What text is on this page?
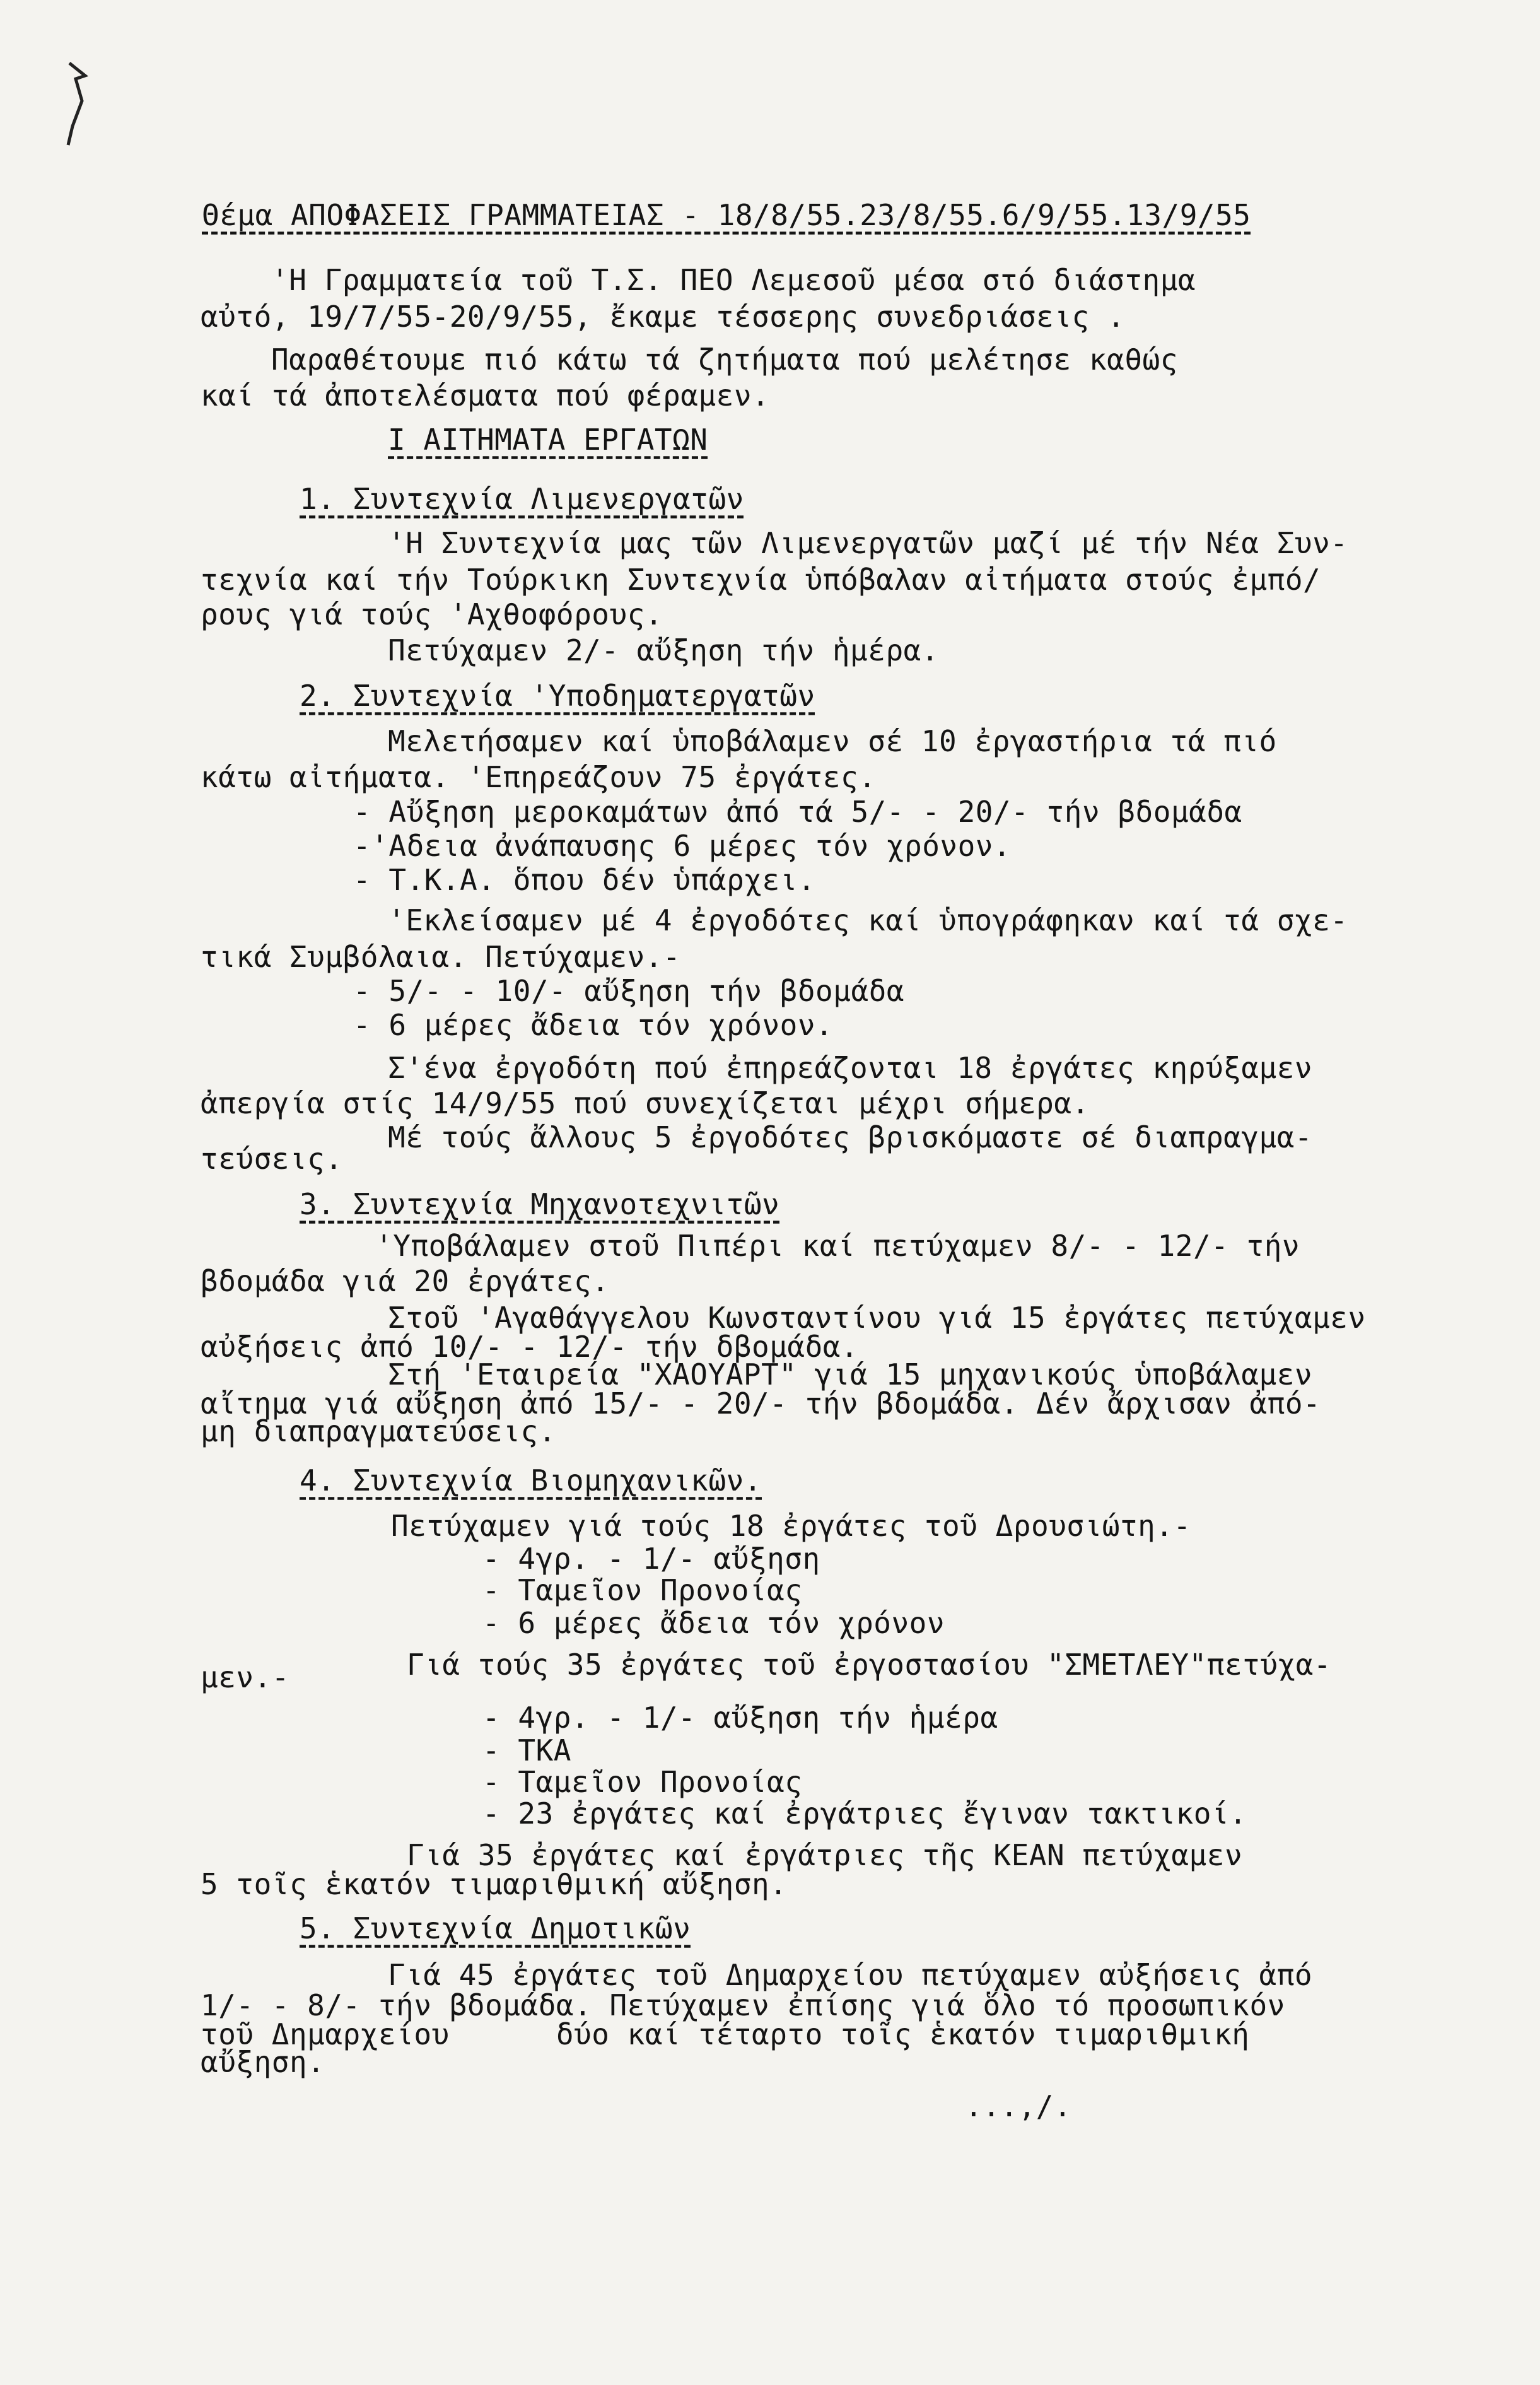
Θέμα ΑΠΟΦΑΣΕΙΣ ΓΡΑΜΜΑΤΕΙΑΣ - 18/8/55.23/8/55.6/9/55.13/9/55
'Η Γραμματεία τοῦ Τ.Σ. ΠΕΟ Λεμεσοῦ μέσα στό διάστημα
αὐτό, 19/7/55-20/9/55, ἔκαμε τέσσερης συνεδριάσεις .
Παραθέτουμε πιό κάτω τά ζητήματα πού μελέτησε καθώς
καί τά ἀποτελέσματα πού φέραμεν.
I ΑΙΤΗΜΑΤΑ ΕΡΓΑΤΩΝ
1. Συντεχνία Λιμενεργατῶν
'Η Συντεχνία μας τῶν Λιμενεργατῶν μαζί μέ τήν Νέα Συν-
τεχνία καί τήν Τούρκικη Συντεχνία ὑπόβαλαν αἰτήματα στούς ἐμπό/
ρους γιά τούς 'Αχθοφόρους.
Πετύχαμεν 2/- αὔξηση τήν ἡμέρα.
2. Συντεχνία 'Υποδηματεργατῶν
Μελετήσαμεν καί ὑποβάλαμεν σέ 10 ἐργαστήρια τά πιό
κάτω αἰτήματα. 'Επηρεάζουν 75 ἐργάτες.
- Αὔξηση μεροκαμάτων ἀπό τά 5/- - 20/- τήν βδομάδα
-'Αδεια ἀνάπαυσης 6 μέρες τόν χρόνον.
- Τ.Κ.Α. ὅπου δέν ὑπάρχει.
'Εκλείσαμεν μέ 4 ἐργοδότες καί ὑπογράφηκαν καί τά σχε-
τικά Συμβόλαια. Πετύχαμεν.-
- 5/- - 10/- αὔξηση τήν βδομάδα
- 6 μέρες ἄδεια τόν χρόνον.
Σ'ένα ἐργοδότη πού ἐπηρεάζονται 18 ἐργάτες κηρύξαμεν
ἀπεργία στίς 14/9/55 πού συνεχίζεται μέχρι σήμερα.
Μέ τούς ἄλλους 5 ἐργοδότες βρισκόμαστε σέ διαπραγμα-
τεύσεις.
3. Συντεχνία Μηχανοτεχνιτῶν
'Υποβάλαμεν στοῦ Πιπέρι καί πετύχαμεν 8/- - 12/- τήν
βδομάδα γιά 20 ἐργάτες.
Στοῦ 'Αγαθάγγελου Κωνσταντίνου γιά 15 ἐργάτες πετύχαμεν
αὐξήσεις ἀπό 10/- - 12/- τήν δβομάδα.
Στή 'Εταιρεία "ΧΑΟΥΑΡΤ" γιά 15 μηχανικούς ὑποβάλαμεν
αἴτημα γιά αὔξηση ἀπό 15/- - 20/- τήν βδομάδα. Δέν ἄρχισαν ἀπό-
μη διαπραγματεύσεις.
4. Συντεχνία Βιομηχανικῶν.
Πετύχαμεν γιά τούς 18 ἐργάτες τοῦ Δρουσιώτη.-
- 4γρ. - 1/- αὔξηση
- Ταμεῖον Προνοίας
- 6 μέρες ἄδεια τόν χρόνον
Γιά τούς 35 ἐργάτες τοῦ ἐργοστασίου "ΣΜΕΤΛΕΥ"πετύχα-
μεν.-
- 4γρ. - 1/- αὔξηση τήν ἡμέρα
- ΤΚΑ
- Ταμεῖον Προνοίας
- 23 ἐργάτες καί ἐργάτριες ἔγιναν τακτικοί.
Γιά 35 ἐργάτες καί ἐργάτριες τῆς ΚΕΑΝ πετύχαμεν
5 τοῖς ἑκατόν τιμαριθμική αὔξηση.
5. Συντεχνία Δημοτικῶν
Γιά 45 ἐργάτες τοῦ Δημαρχείου πετύχαμεν αὐξήσεις ἀπό
1/- - 8/- τήν βδομάδα. Πετύχαμεν ἐπίσης γιά ὅλο τό προσωπικόν
τοῦ Δημαρχείου      δύο καί τέταρτο τοῖς ἑκατόν τιμαριθμική
αὔξηση.
...,/.
